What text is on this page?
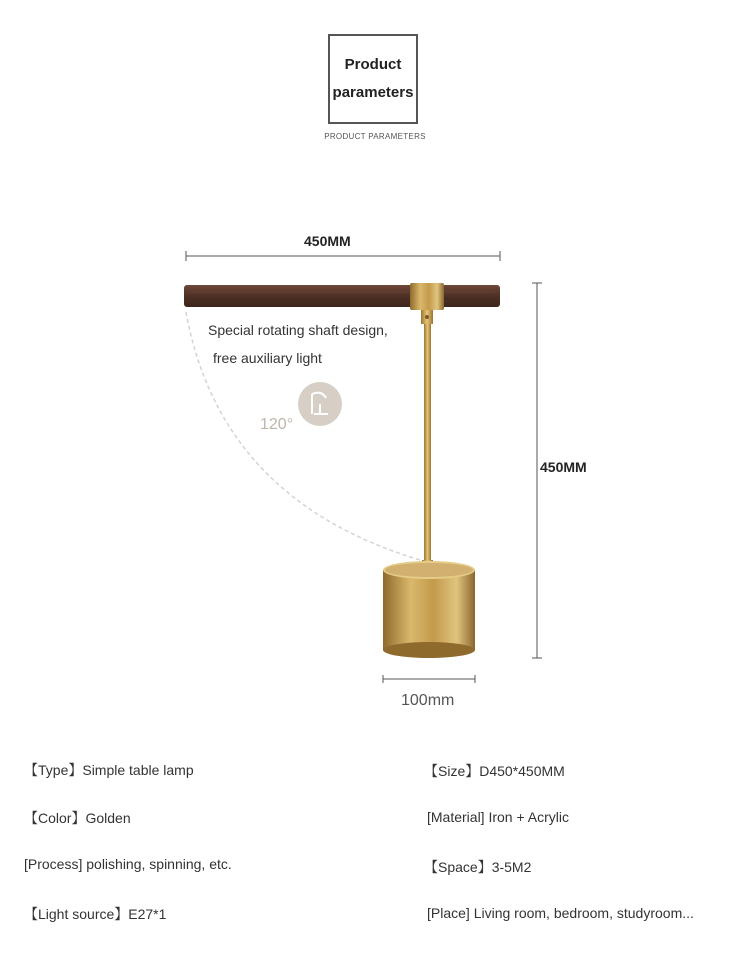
Product
parameters
PRODUCT PARAMETERS
450MM
450MM
100mm
Special rotating shaft design,
free auxiliary light
120°
【Type】Simple table lamp
【Color】Golden
[Process] polishing, spinning, etc.
【Light source】E27*1
【Size】D450*450MM
[Material] Iron + Acrylic
【Space】3-5M2
[Place] Living room, bedroom, studyroom...
